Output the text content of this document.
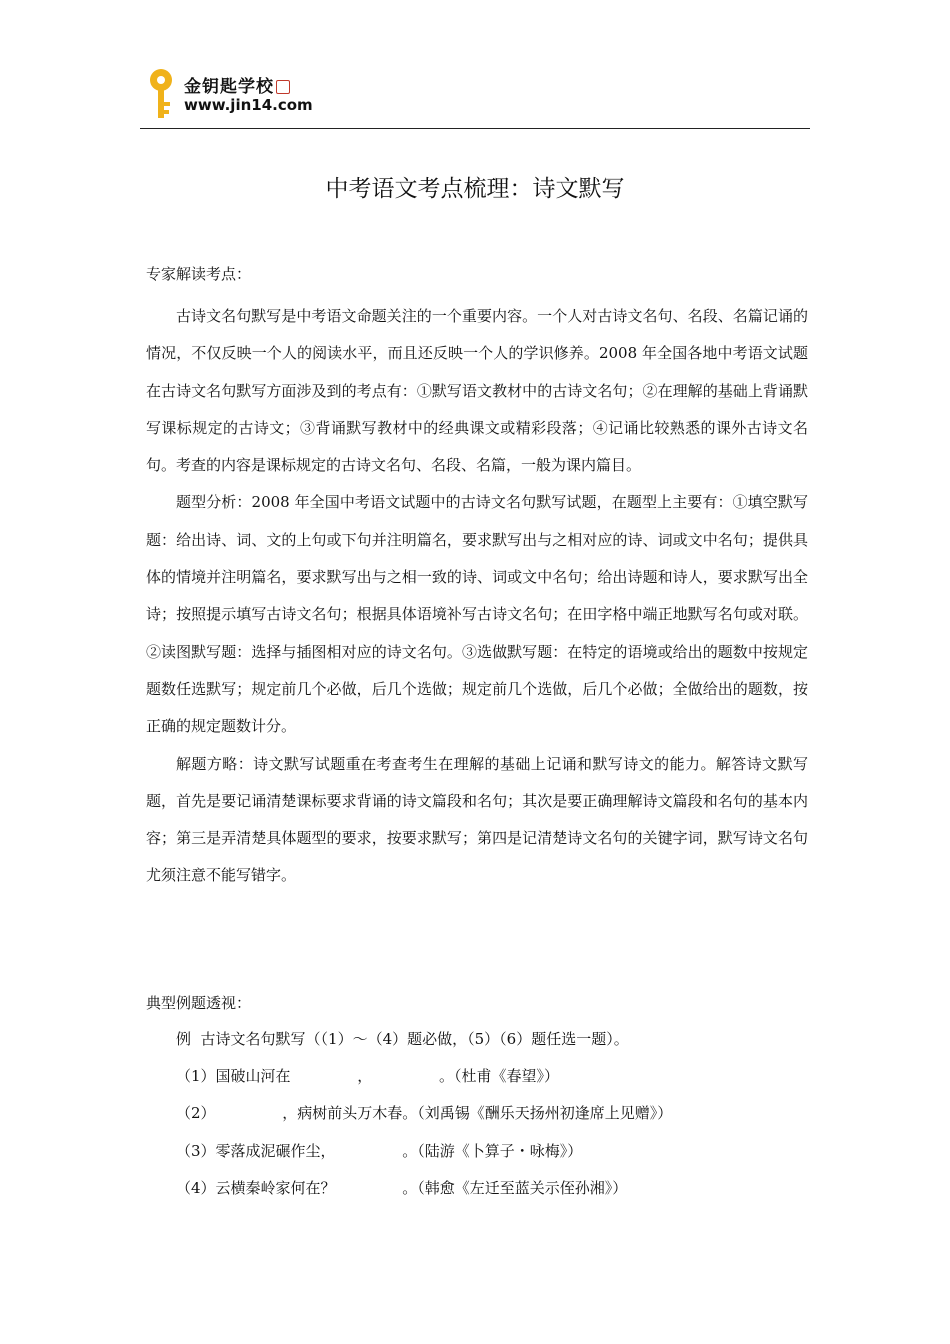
金钥匙学校
www.jin14.com
中考语文考点梳理：诗文默写

专家解读考点：

古诗文名句默写是中考语文命题关注的一个重要内容。一个人对古诗文名句、名段、名篇记诵的情况，不仅反映一个人的阅读水平，而且还反映一个人的学识修养。2008 年全国各地中考语文试题在古诗文名句默写方面涉及到的考点有：①默写语文教材中的古诗文名句；②在理解的基础上背诵默写课标规定的古诗文；③背诵默写教材中的经典课文或精彩段落；④记诵比较熟悉的课外古诗文名句。考查的内容是课标规定的古诗文名句、名段、名篇，一般为课内篇目。

题型分析：2008 年全国中考语文试题中的古诗文名句默写试题，在题型上主要有：①填空默写题：给出诗、词、文的上句或下句并注明篇名，要求默写出与之相对应的诗、词或文中名句；提供具体的情境并注明篇名，要求默写出与之相一致的诗、词或文中名句；给出诗题和诗人，要求默写出全诗；按照提示填写古诗文名句；根据具体语境补写古诗文名句；在田字格中端正地默写名句或对联。②读图默写题：选择与插图相对应的诗文名句。③选做默写题：在特定的语境或给出的题数中按规定题数任选默写；规定前几个必做，后几个选做；规定前几个选做，后几个必做；全做给出的题数，按正确的规定题数计分。

解题方略：诗文默写试题重在考查考生在理解的基础上记诵和默写诗文的能力。解答诗文默写题，首先是要记诵清楚课标要求背诵的诗文篇段和名句；其次是要正确理解诗文篇段和名句的基本内容；第三是弄清楚具体题型的要求，按要求默写；第四是记清楚诗文名句的关键字词，默写诗文名句尤须注意不能写错字。

典型例题透视：

例  古诗文名句默写（（1）～（4）题必做，（5）（6）题任选一题）。

（1）国破山河在              ，              。（杜甫《春望》）

（2）              ，病树前头万木春。（刘禹锡《酬乐天扬州初逢席上见赠》）

（3）零落成泥碾作尘，              。（陆游《卜算子・咏梅》）

（4）云横秦岭家何在？              。（韩愈《左迁至蓝关示侄孙湘》）
